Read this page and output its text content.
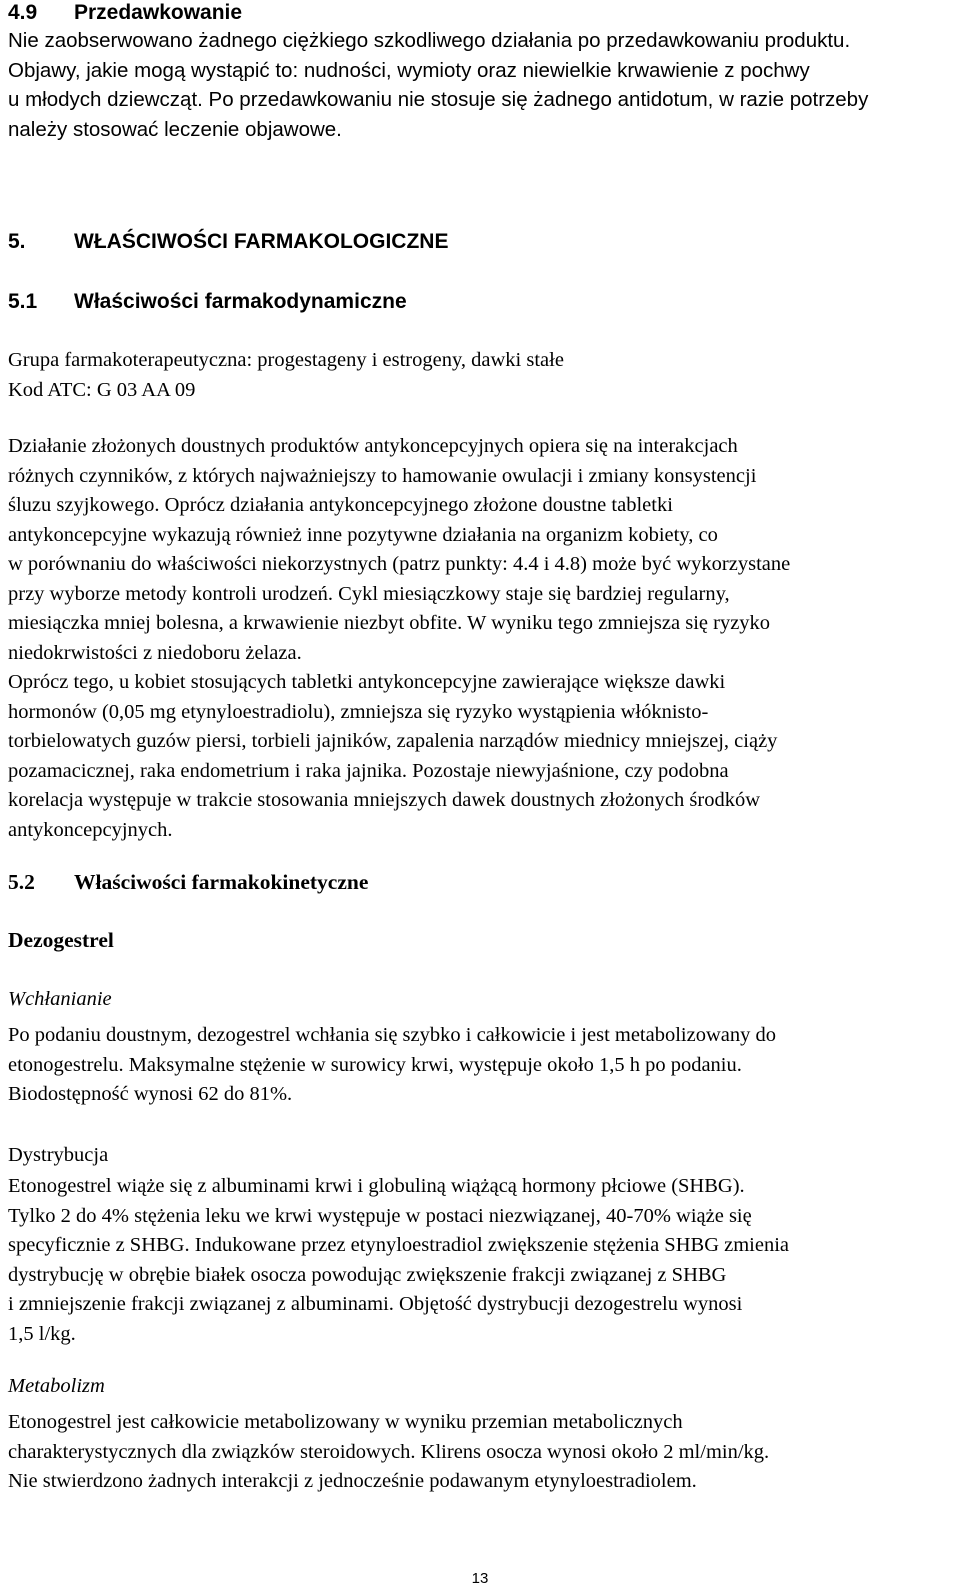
4.9 Przedawkowanie
Nie zaobserwowano żadnego ciężkiego szkodliwego działania po przedawkowaniu produktu.
Objawy, jakie mogą wystąpić to: nudności, wymioty oraz niewielkie krwawienie z pochwy
u młodych dziewcząt. Po przedawkowaniu nie stosuje się żadnego antidotum, w razie potrzeby
należy stosować leczenie objawowe.
5. WŁAŚCIWOŚCI FARMAKOLOGICZNE
5.1 Właściwości farmakodynamiczne
Grupa farmakoterapeutyczna: progestageny i estrogeny, dawki stałe
Kod ATC: G 03 AA 09
Działanie złożonych doustnych produktów antykoncepcyjnych opiera się na interakcjach
różnych czynników, z których najważniejszy to hamowanie owulacji i zmiany konsystencji
śluzu szyjkowego. Oprócz działania antykoncepcyjnego złożone doustne tabletki
antykoncepcyjne wykazują również inne pozytywne działania na organizm kobiety, co
w porównaniu do właściwości niekorzystnych (patrz punkty: 4.4 i 4.8) może być wykorzystane
przy wyborze metody kontroli urodzeń. Cykl miesiączkowy staje się bardziej regularny,
miesiączka mniej bolesna, a krwawienie niezbyt obfite. W wyniku tego zmniejsza się ryzyko
niedokrwistości z niedoboru żelaza.
Oprócz tego, u kobiet stosujących tabletki antykoncepcyjne zawierające większe dawki
hormonów (0,05 mg etynyloestradiolu), zmniejsza się ryzyko wystąpienia włóknisto-
torbielowatych guzów piersi, torbieli jajników, zapalenia narządów miednicy mniejszej, ciąży
pozamacicznej, raka endometrium i raka jajnika. Pozostaje niewyjaśnione, czy podobna
korelacja występuje w trakcie stosowania mniejszych dawek doustnych złożonych środków
antykoncepcyjnych.
5.2 Właściwości farmakokinetyczne
Dezogestrel
Wchłanianie
Po podaniu doustnym, dezogestrel wchłania się szybko i całkowicie i jest metabolizowany do
etonogestrelu. Maksymalne stężenie w surowicy krwi, występuje około 1,5 h po podaniu.
Biodostępność wynosi 62 do 81%.
Dystrybucja
Etonogestrel wiąże się z albuminami krwi i globuliną wiążącą hormony płciowe (SHBG).
Tylko 2 do 4% stężenia leku we krwi występuje w postaci niezwiązanej, 40-70% wiąże się
specyficznie z SHBG. Indukowane przez etynyloestradiol zwiększenie stężenia SHBG zmienia
dystrybucję w obrębie białek osocza powodując zwiększenie frakcji związanej z SHBG
i zmniejszenie frakcji związanej z albuminami. Objętość dystrybucji dezogestrelu wynosi
1,5 l/kg.
Metabolizm
Etonogestrel jest całkowicie metabolizowany w wyniku przemian metabolicznych
charakterystycznych dla związków steroidowych. Klirens osocza wynosi około 2 ml/min/kg.
Nie stwierdzono żadnych interakcji z jednocześnie podawanym etynyloestradiolem.
13
